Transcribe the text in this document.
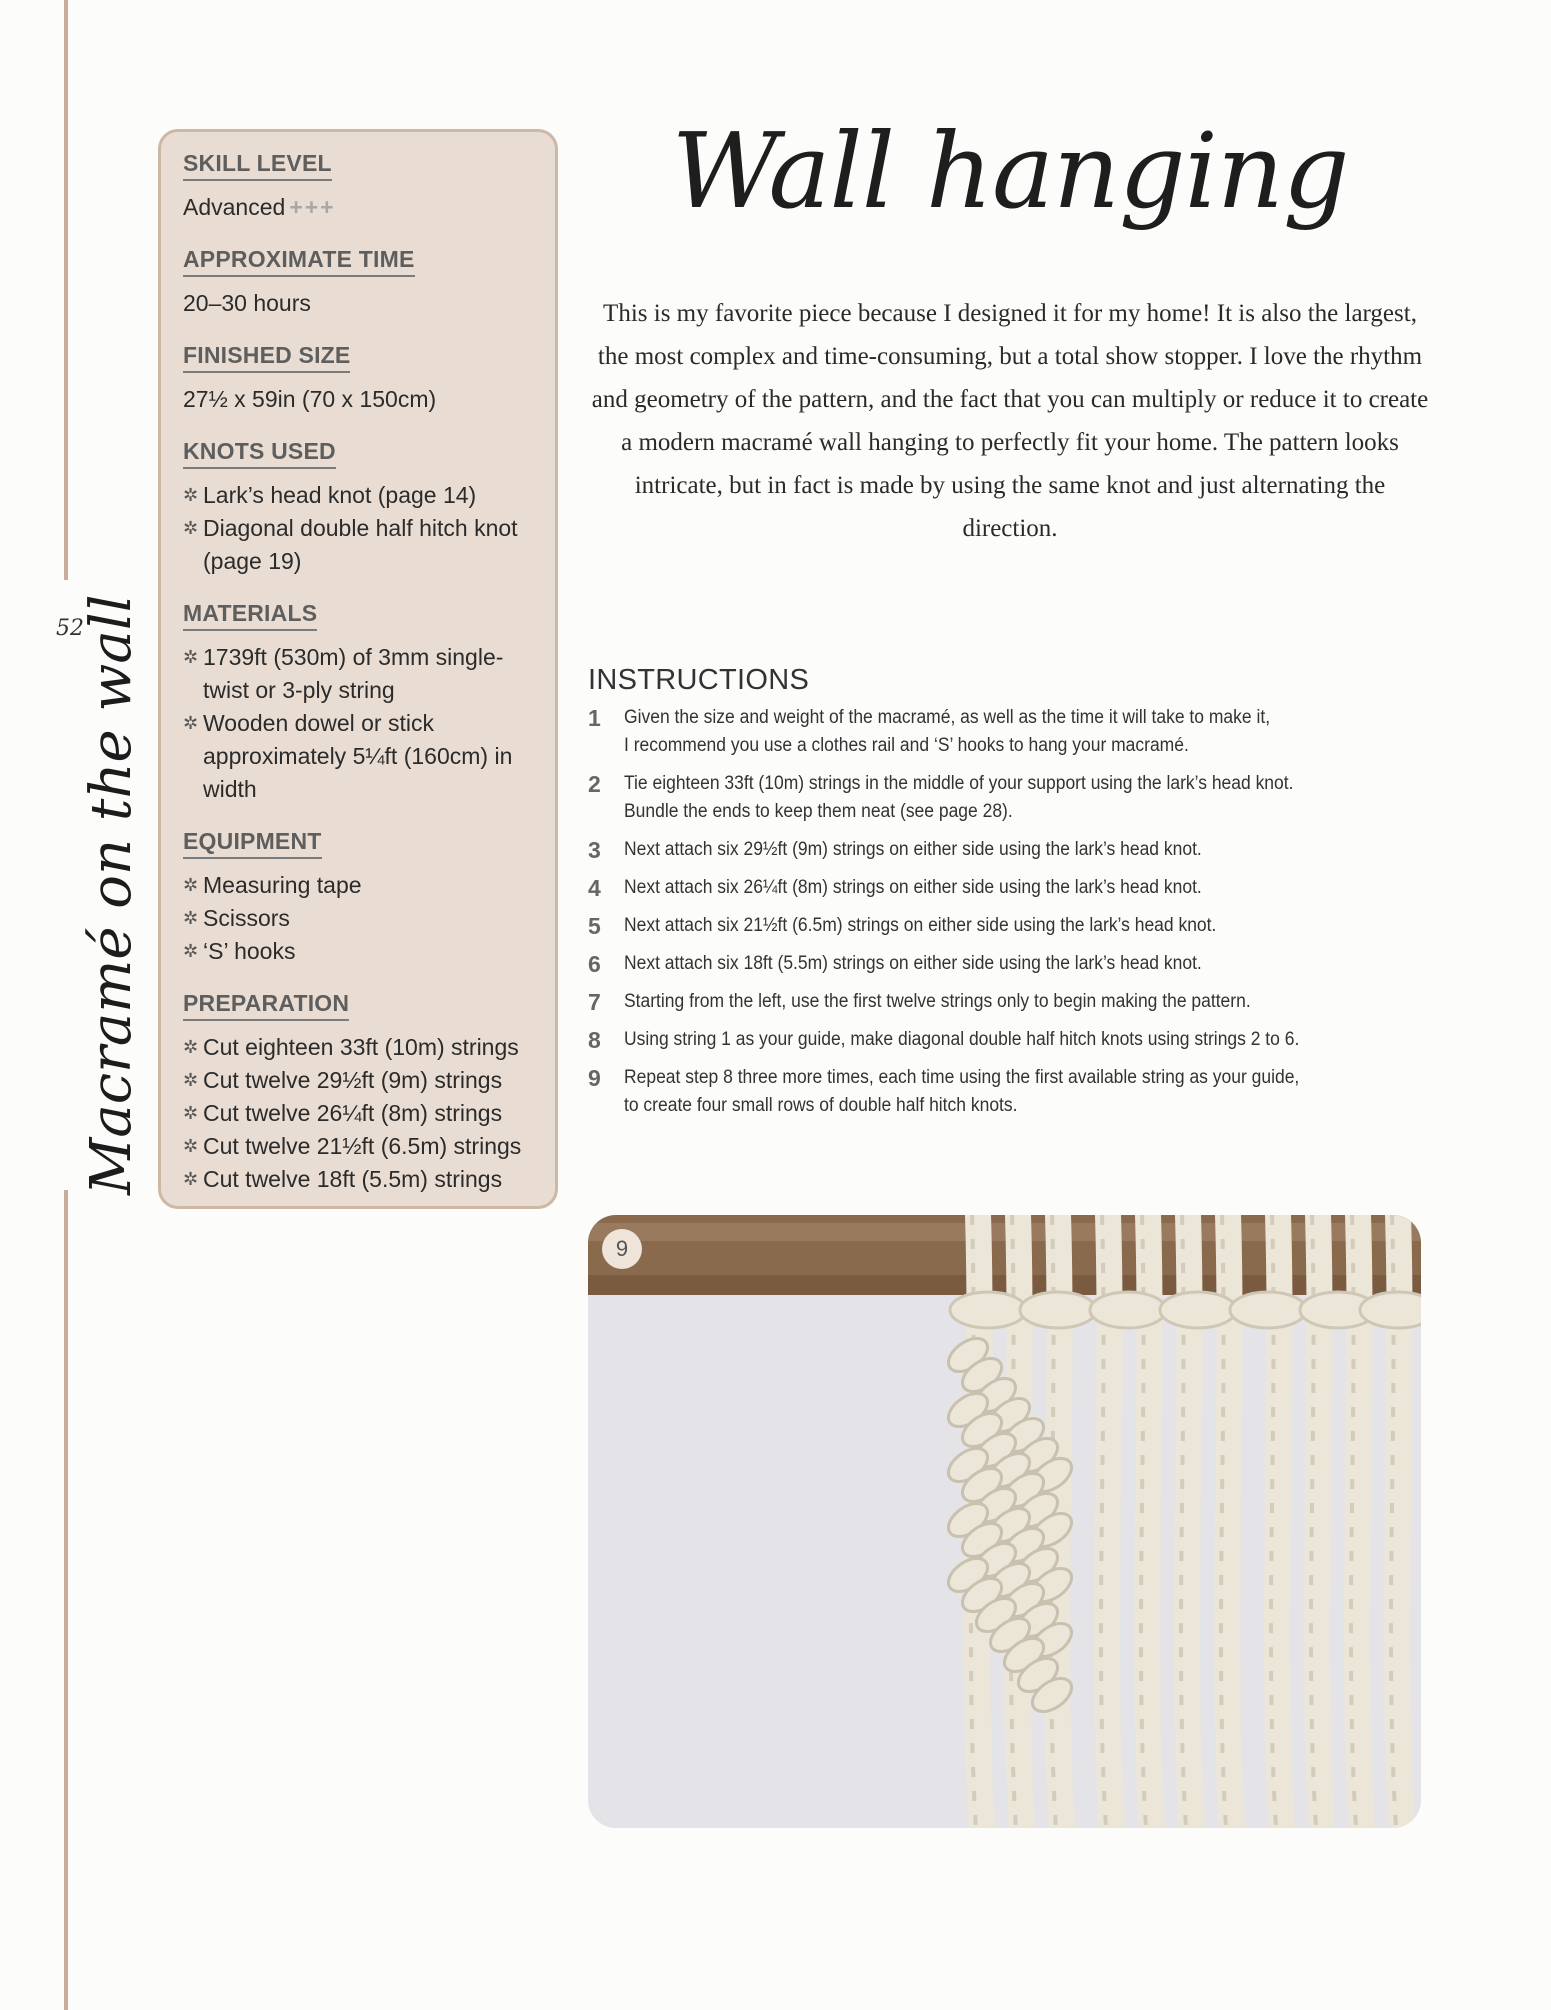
52
Macramé on the wall
SKILL LEVEL
Advanced +++
APPROXIMATE TIME
20–30 hours
FINISHED SIZE
27½ x 59in (70 x 150cm)
KNOTS USED
✲ Lark’s head knot (page 14)
✲ Diagonal double half hitch knot (page 19)
MATERIALS
✲ 1739ft (530m) of 3mm single-twist or 3-ply string
✲ Wooden dowel or stick approximately 5¼ft (160cm) in width
EQUIPMENT
✲ Measuring tape
✲ Scissors
✲ ‘S’ hooks
PREPARATION
✲ Cut eighteen 33ft (10m) strings
✲ Cut twelve 29½ft (9m) strings
✲ Cut twelve 26¼ft (8m) strings
✲ Cut twelve 21½ft (6.5m) strings
✲ Cut twelve 18ft (5.5m) strings
Wall hanging
This is my favorite piece because I designed it for my home! It is also the largest, the most complex and time-consuming, but a total show stopper. I love the rhythm and geometry of the pattern, and the fact that you can multiply or reduce it to create a modern macramé wall hanging to perfectly fit your home. The pattern looks intricate, but in fact is made by using the same knot and just alternating the direction.
INSTRUCTIONS
1	Given the size and weight of the macramé, as well as the time it will take to make it,
I recommend you use a clothes rail and ‘S’ hooks to hang your macramé.
2	Tie eighteen 33ft (10m) strings in the middle of your support using the lark’s head knot.
Bundle the ends to keep them neat (see page 28).
3	Next attach six 29½ft (9m) strings on either side using the lark’s head knot.
4	Next attach six 26¼ft (8m) strings on either side using the lark’s head knot.
5	Next attach six 21½ft (6.5m) strings on either side using the lark’s head knot.
6	Next attach six 18ft (5.5m) strings on either side using the lark’s head knot.
7	Starting from the left, use the first twelve strings only to begin making the pattern.
8	Using string 1 as your guide, make diagonal double half hitch knots using strings 2 to 6.
9	Repeat step 8 three more times, each time using the first available string as your guide,
to create four small rows of double half hitch knots.
9
